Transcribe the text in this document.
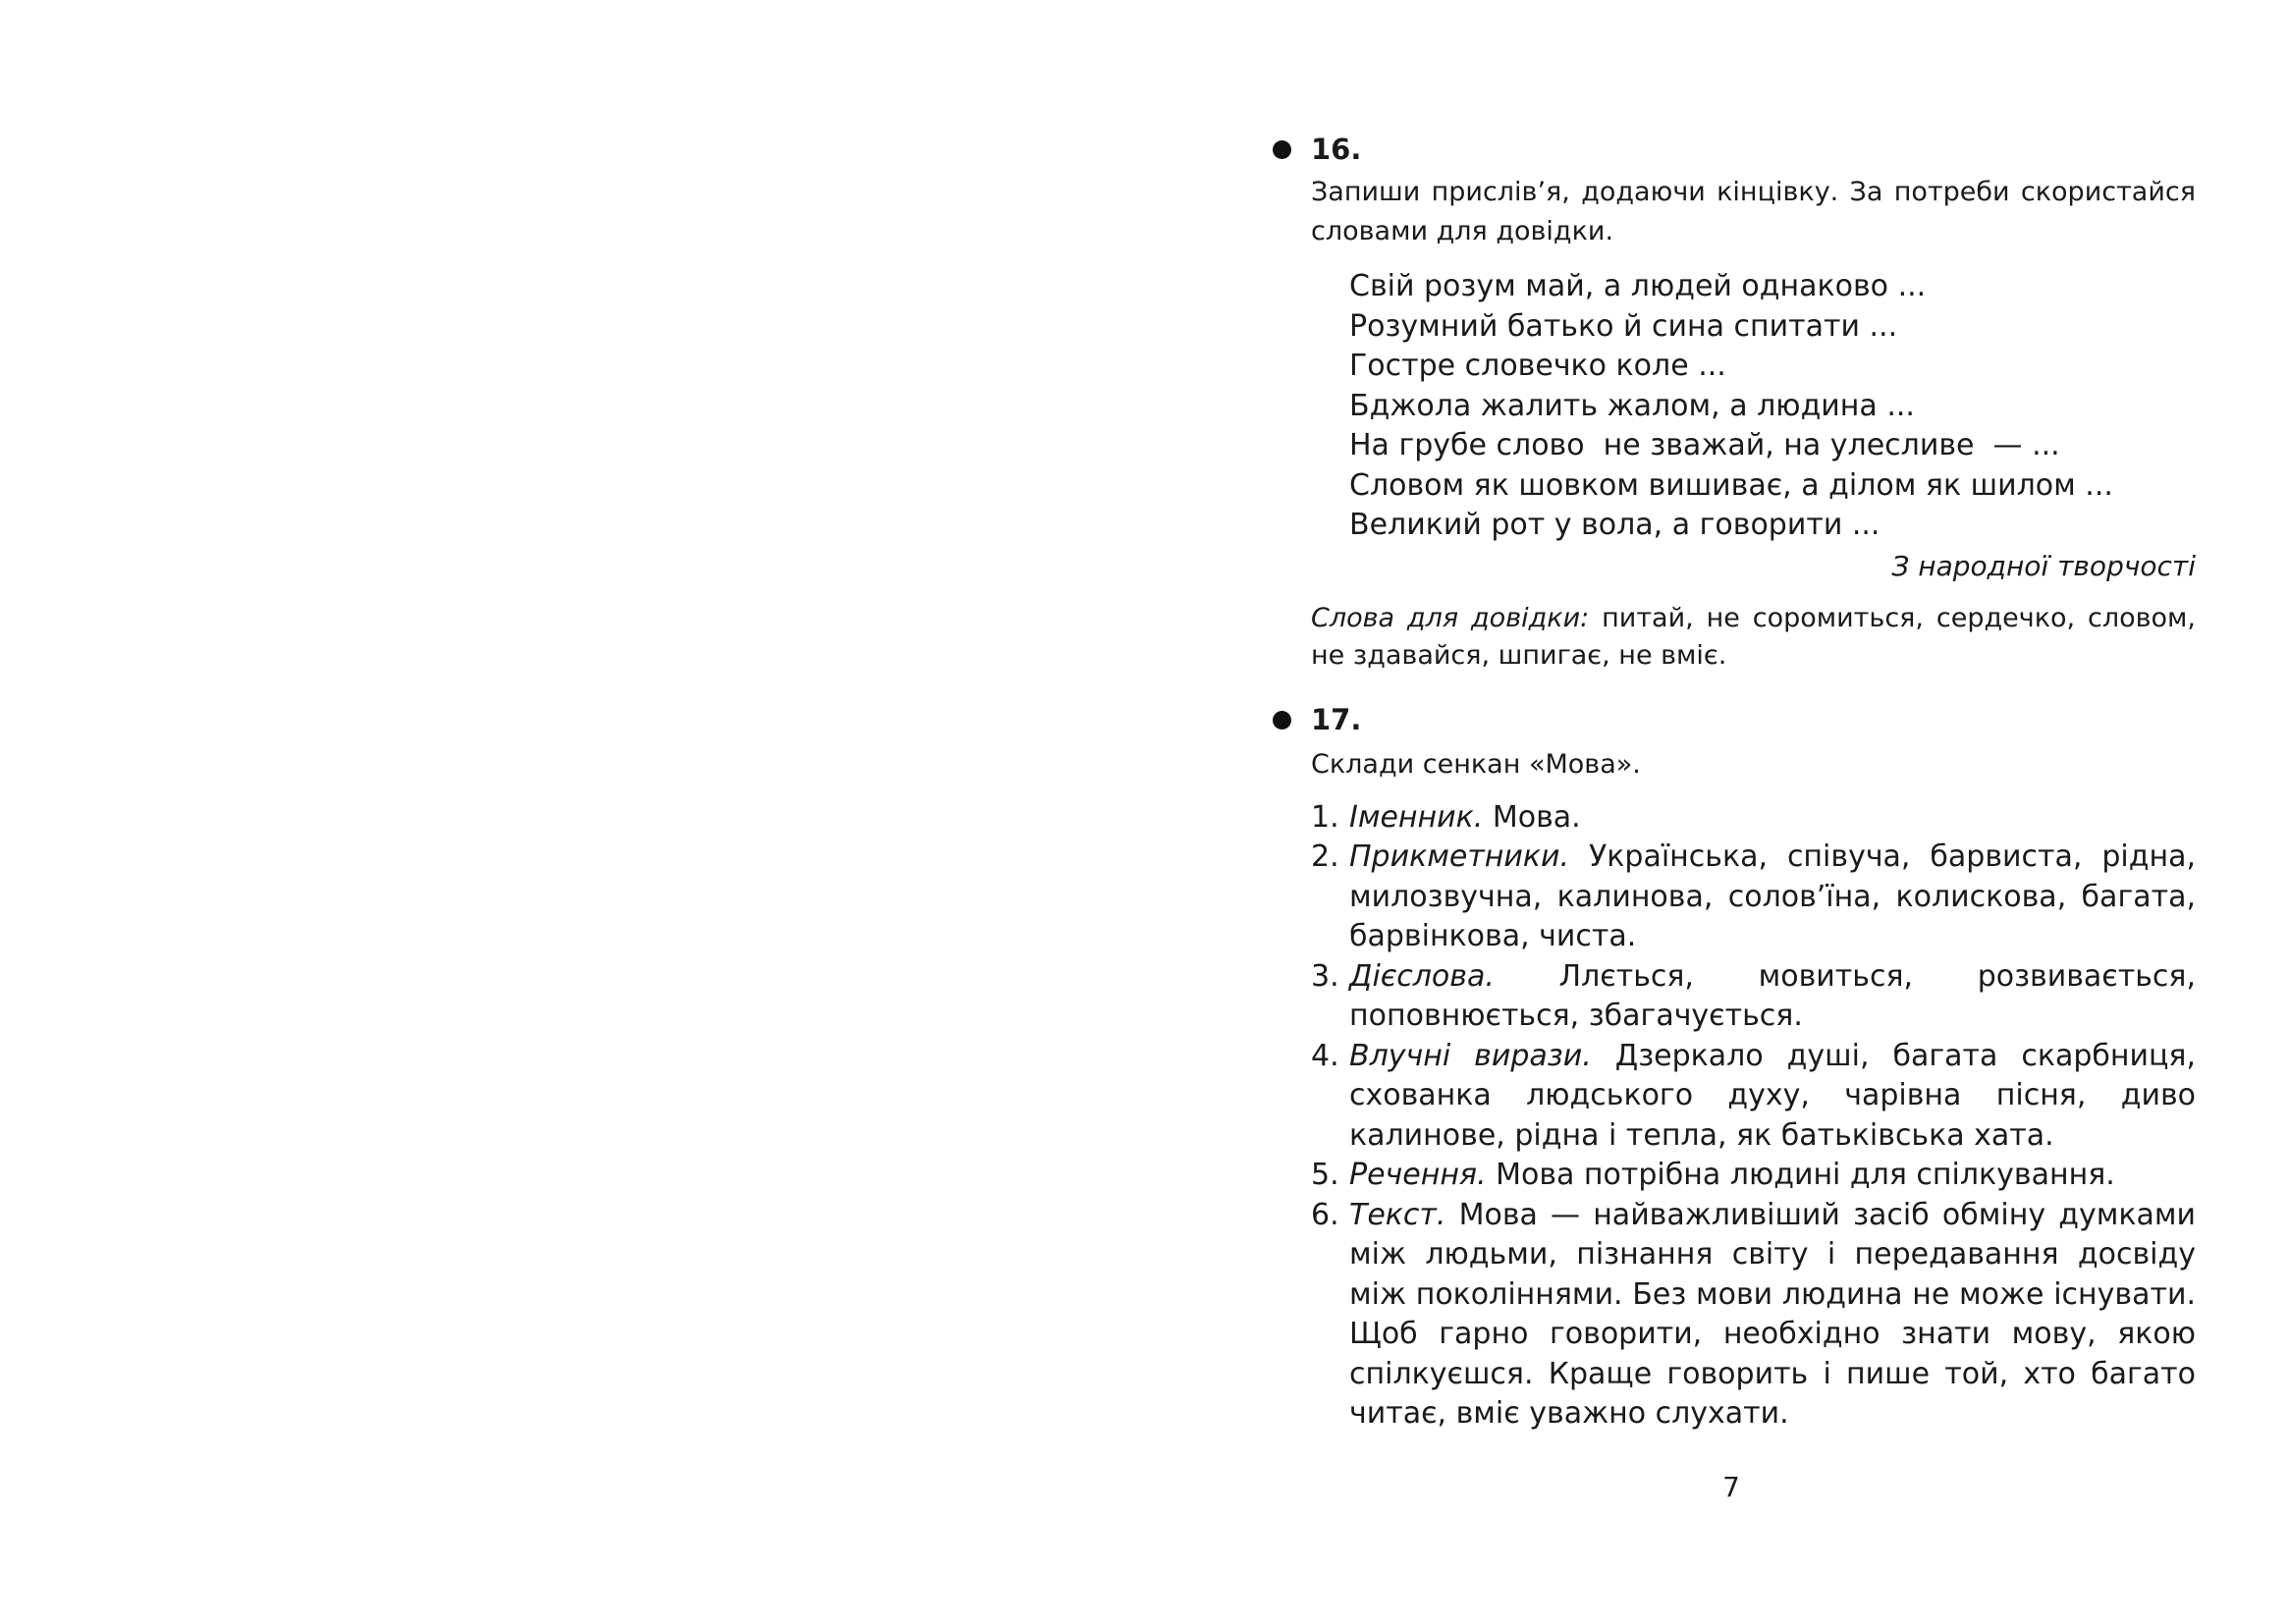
16.
Запиши прислів’я, додаючи кінцівку. За потреби скористайся словами для довідки.
Свій розум май, а людей однаково ...
Розумний батько й сина спитати ...
Гостре словечко коле ...
Бджола жалить жалом, а людина ...
На грубе слово  не зважай, на улесливе  — ...
Словом як шовком вишиває, а ділом як шилом ...
Великий рот у вола, а говорити ...
З народної творчості
Слова для довідки: питай, не соромиться, сердечко, словом, не здавайся, шпигає, не вміє.
17.
Склади сенкан «Мова».
1. Іменник. Мова.
2. Прикметники. Українська, співуча, барвиста, рідна, милозвучна, калинова, солов’їна, колискова, багата, барвінкова, чиста.
3. Дієслова. Ллється, мовиться, розвивається, поповнюється, збагачується.
4. Влучні вирази. Дзеркало душі, багата скарбниця, схованка людського духу, чарівна пісня, диво калинове, рідна і тепла, як батьківська хата.
5. Речення. Мова потрібна людині для спілкування.
6. Текст. Мова — найважливіший засіб обміну думками між людьми, пізнання світу і передавання досвіду між поколіннями. Без мови людина не може існувати. Щоб гарно говорити, необхідно знати мову, якою спілкуєшся. Краще говорить і пише той, хто багато читає, вміє уважно слухати.
7
